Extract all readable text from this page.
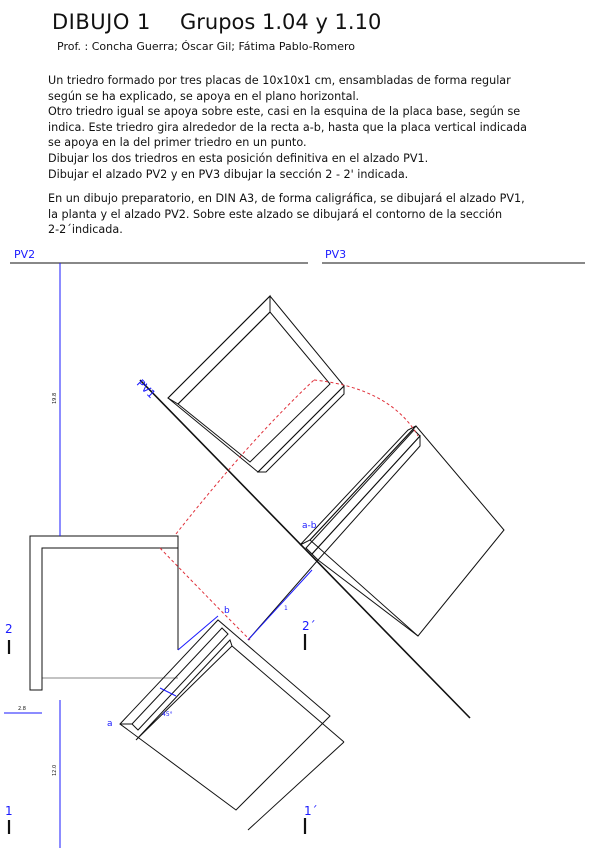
DIBUJO 1 Grupos 1.04 y 1.10
Prof. : Concha Guerra; Óscar Gil; Fátima Pablo-Romero
Un triedro formado por tres placas de 10x10x1 cm, ensambladas de forma regular
según se ha explicado, se apoya en el plano horizontal.
Otro triedro igual se apoya sobre este, casi en la esquina de la placa base, según se
indica. Este triedro gira alrededor de la recta a-b, hasta que la placa vertical indicada
se apoya en la del primer triedro en un punto.
Dibujar los dos triedros en esta posición definitiva en el alzado PV1.
Dibujar el alzado PV2 y en PV3 dibujar la sección 2 - 2' indicada.
En un dibujo preparatorio, en DIN A3, de forma caligráfica, se dibujará el alzado PV1,
la planta y el alzado PV2. Sobre este alzado se dibujará el contorno de la sección
2-2´indicada.
PV2	PV3
PV1
a-b
a
b
45°
1
2	2´
1	1´
19.8
12.0
2.8
